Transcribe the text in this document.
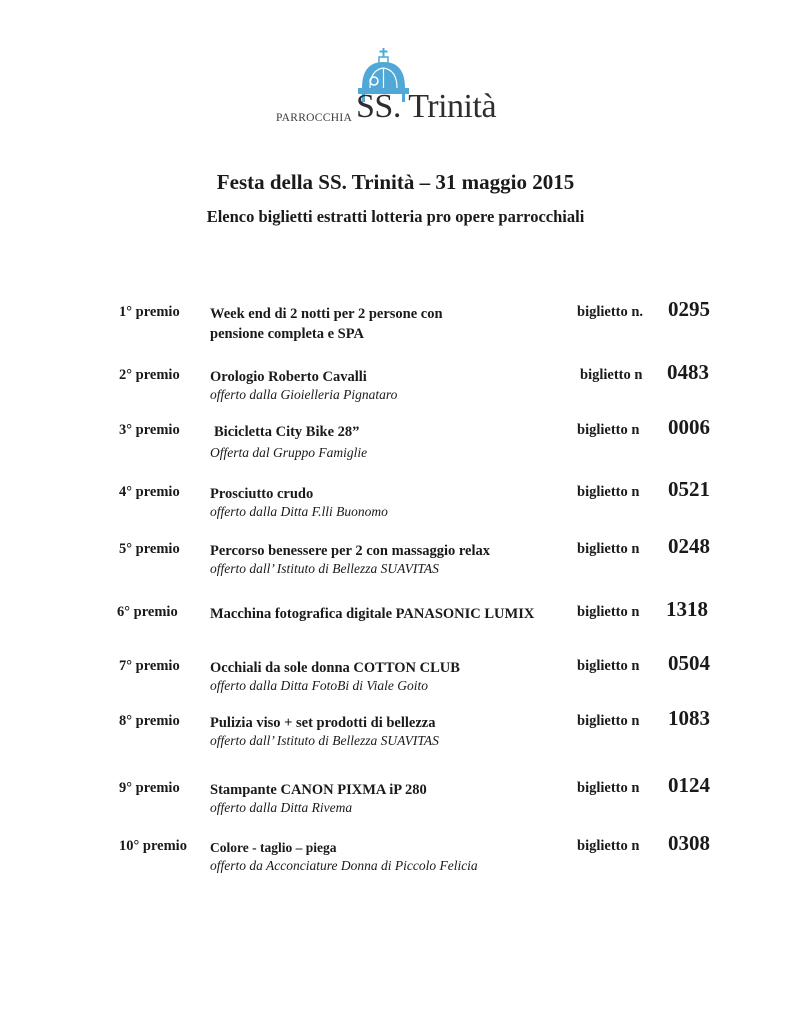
PARROCCHIA SS. Trinità
Festa della SS. Trinità – 31 maggio 2015
Elenco biglietti estratti lotteria pro opere parrocchiali
1° premio Week end di 2 notti per 2 persone con pensione completa e SPA
biglietto n. 0295
2° premio Orologio Roberto Cavalli
offerto dalla Gioielleria Pignataro
biglietto n 0483
3° premio Bicicletta City Bike 28”
Offerta dal Gruppo Famiglie
biglietto n 0006
4° premio Prosciutto crudo
offerto dalla Ditta F.lli Buonomo
biglietto n 0521
5° premio Percorso benessere per 2 con massaggio relax
offerto dall’ Istituto di Bellezza SUAVITAS
biglietto n 0248
6° premio Macchina fotografica digitale PANASONIC LUMIX	biglietto n 1318
7° premio Occhiali da sole donna COTTON CLUB
offerto dalla Ditta FotoBi di Viale Goito
biglietto n 0504
8° premio Pulizia viso + set prodotti di bellezza
offerto dall’ Istituto di Bellezza SUAVITAS
biglietto n 1083
9° premio Stampante CANON PIXMA iP 280
offerto dalla Ditta Rivema
biglietto n 0124
10° premio Colore - taglio – piega
offerto da Acconciature Donna di Piccolo Felicia
biglietto n 0308
